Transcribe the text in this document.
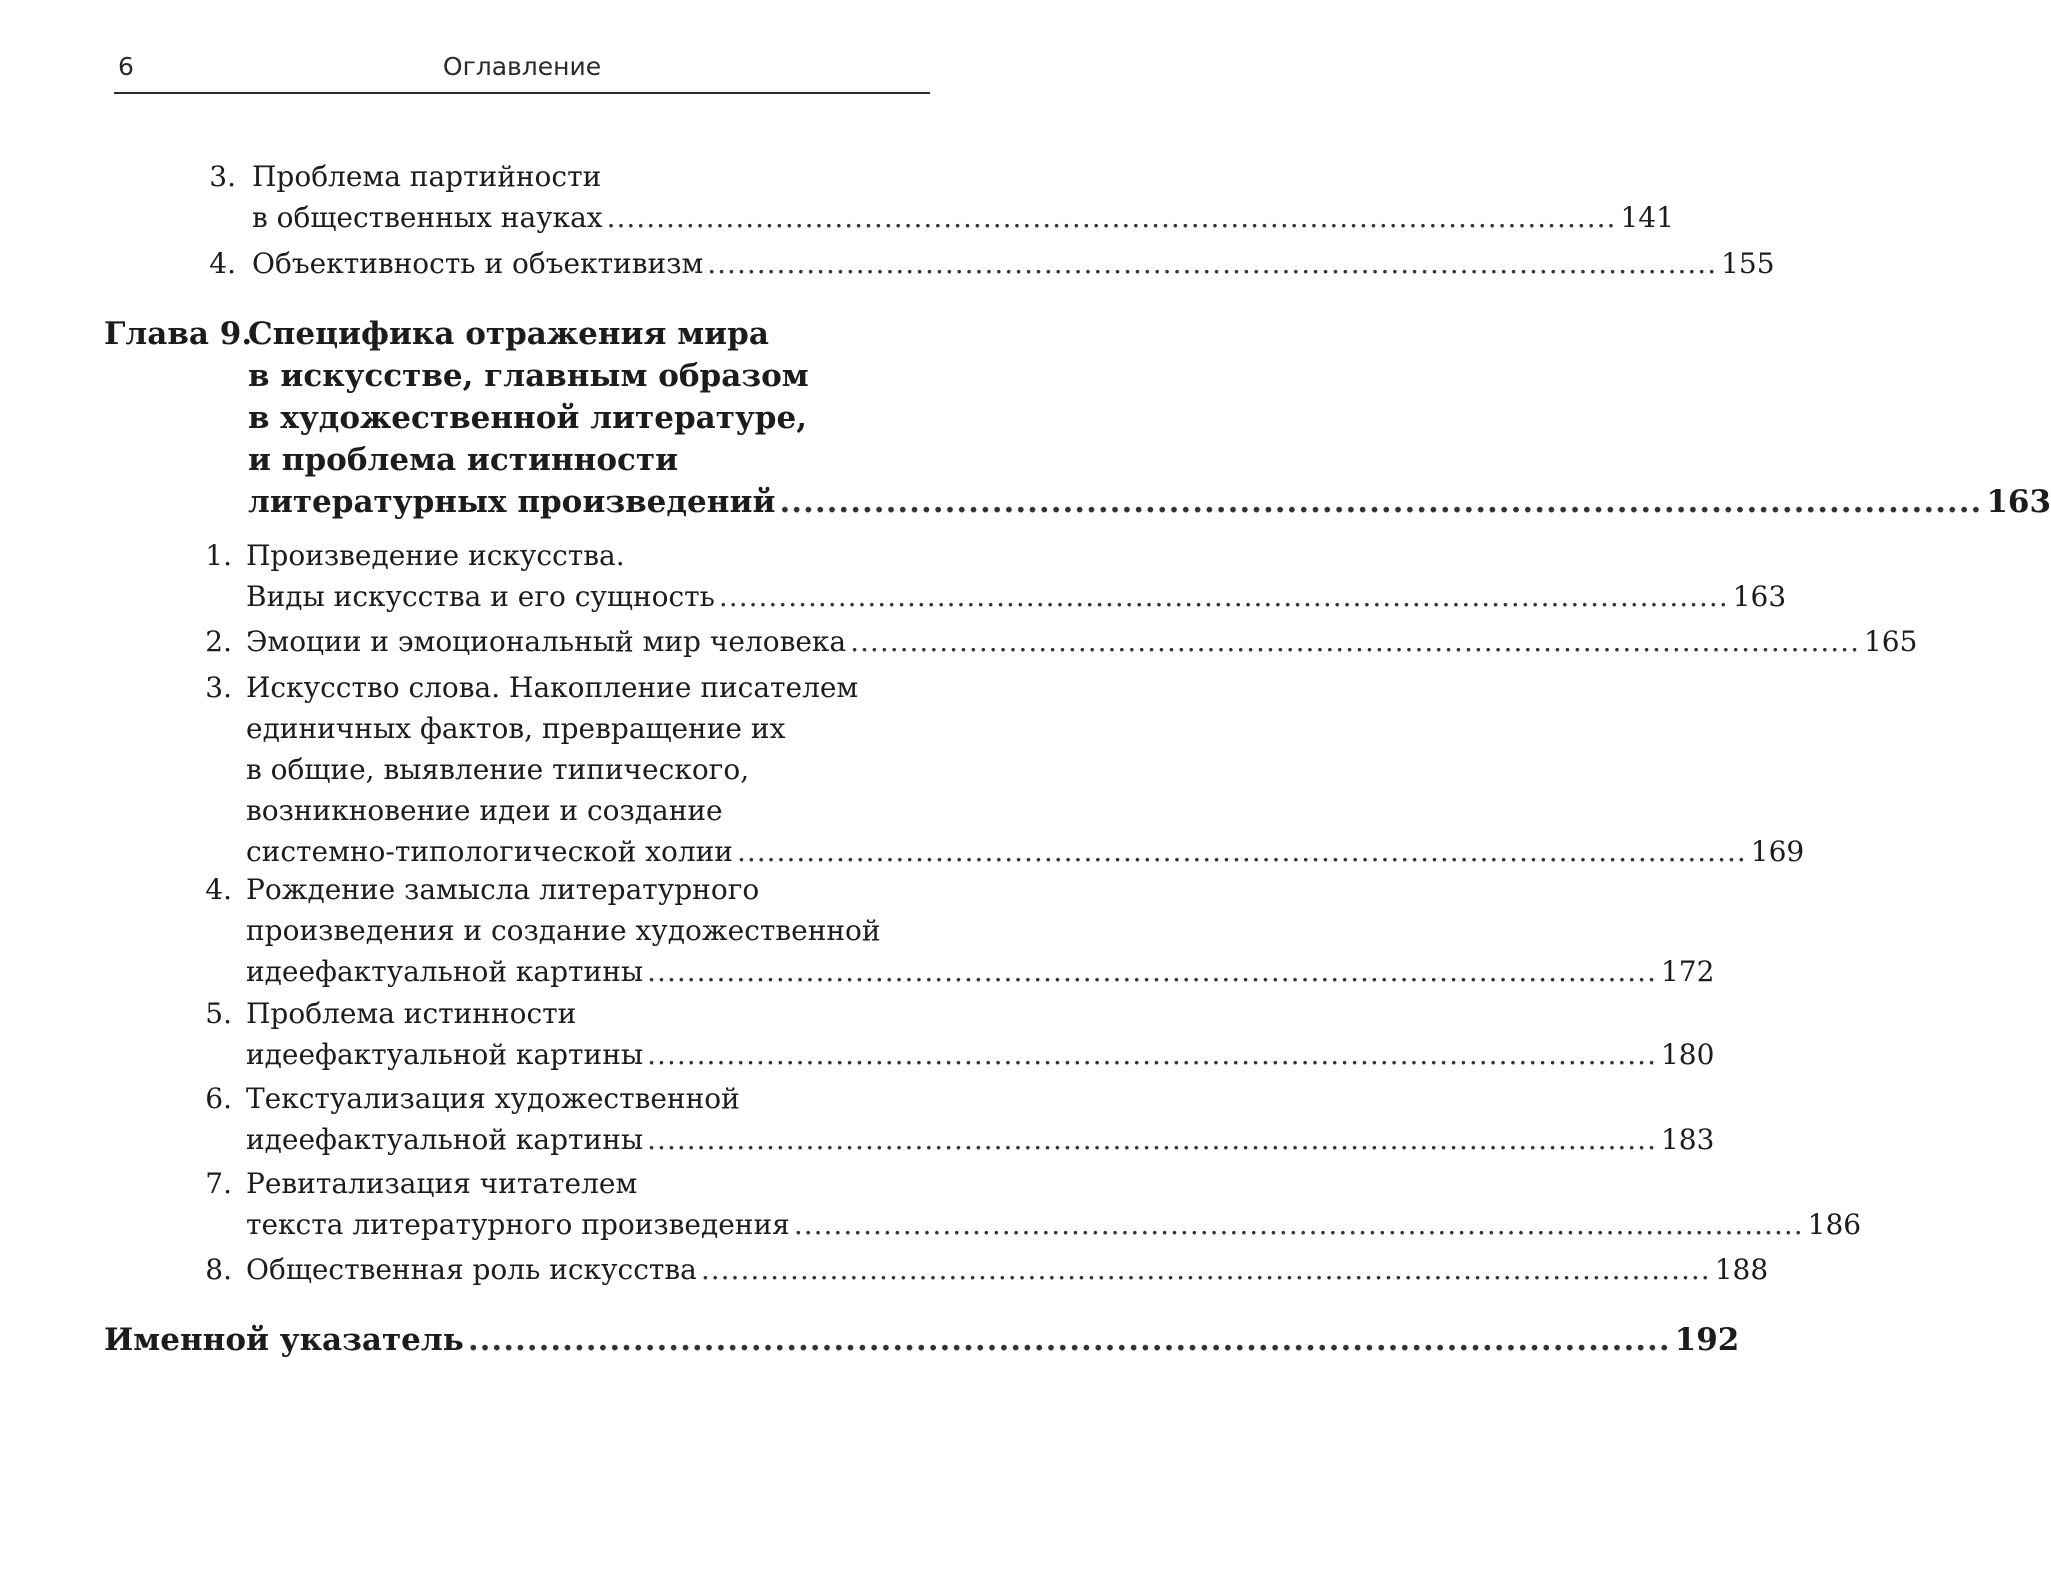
6	Оглавление
3. Проблема партийности
в общественных науках ...................................................................................................... 141
4. Объективность и объективизм ...................................................................................................... 155
Глава 9.
Специфика отражения мира
в искусстве, главным образом
в художественной литературе,
и проблема истинности
литературных произведений ...................................................................................................... 163
1. Произведение искусства.
Виды искусства и его сущность ...................................................................................................... 163
2. Эмоции и эмоциональный мир человека ...................................................................................................... 165
3. Искусство слова. Накопление писателем
единичных фактов, превращение их
в общие, выявление типического,
возникновение идеи и создание
системно-типологической холии ...................................................................................................... 169
4. Рождение замысла литературного
произведения и создание художественной
идеефактуальной картины ...................................................................................................... 172
5. Проблема истинности
идеефактуальной картины ...................................................................................................... 180
6. Текстуализация художественной
идеефактуальной картины ...................................................................................................... 183
7. Ревитализация читателем
текста литературного произведения ...................................................................................................... 186
8. Общественная роль искусства ...................................................................................................... 188
Именной указатель ...................................................................................................... 192
